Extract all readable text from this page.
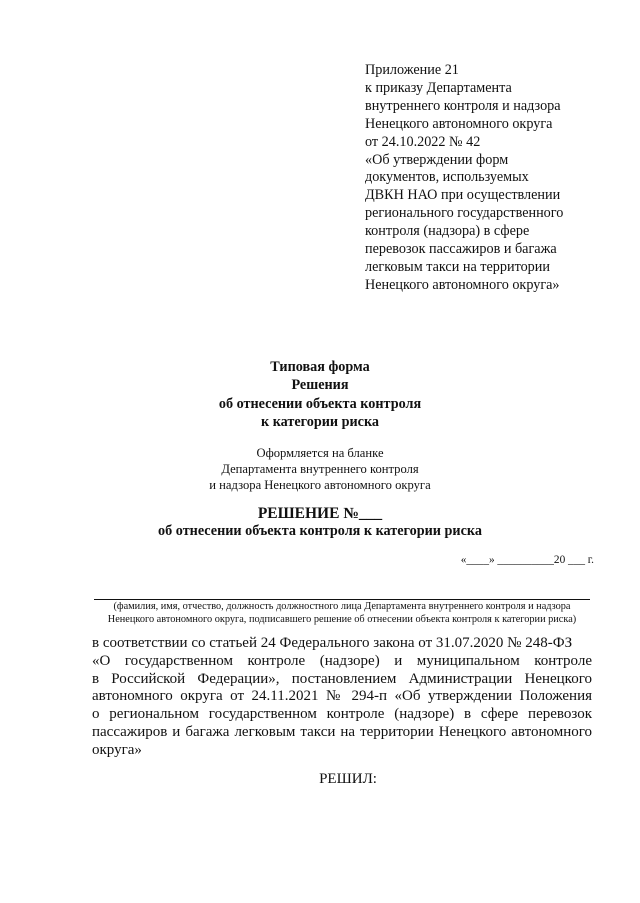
Приложение 21
к приказу Департамента
внутреннего контроля и надзора
Ненецкого автономного округа
от 24.10.2022 № 42
«Об утверждении форм
документов, используемых
ДВКН НАО при осуществлении
регионального государственного
контроля (надзора) в сфере
перевозок пассажиров и багажа
легковым такси на территории
Ненецкого автономного округа»
Типовая форма
Решения
об отнесении объекта контроля
к категории риска
Оформляется на бланке
Департамента внутреннего контроля
и надзора Ненецкого автономного округа
РЕШЕНИЕ №___
об отнесении объекта контроля к категории риска
«____» __________20 ___ г.
(фамилия, имя, отчество, должность должностного лица Департамента внутреннего контроля и надзора
Ненецкого автономного округа, подписавшего решение об отнесении объекта контроля к категории риска)
в соответствии со статьей 24 Федерального закона от 31.07.2020 № 248-ФЗ
«О государственном контроле (надзоре) и муниципальном контроле
в Российской Федерации», постановлением Администрации Ненецкого
автономного округа от 24.11.2021 № 294-п «Об утверждении Положения
о региональном государственном контроле (надзоре) в сфере перевозок
пассажиров и багажа легковым такси на территории Ненецкого автономного
округа»
РЕШИЛ:
